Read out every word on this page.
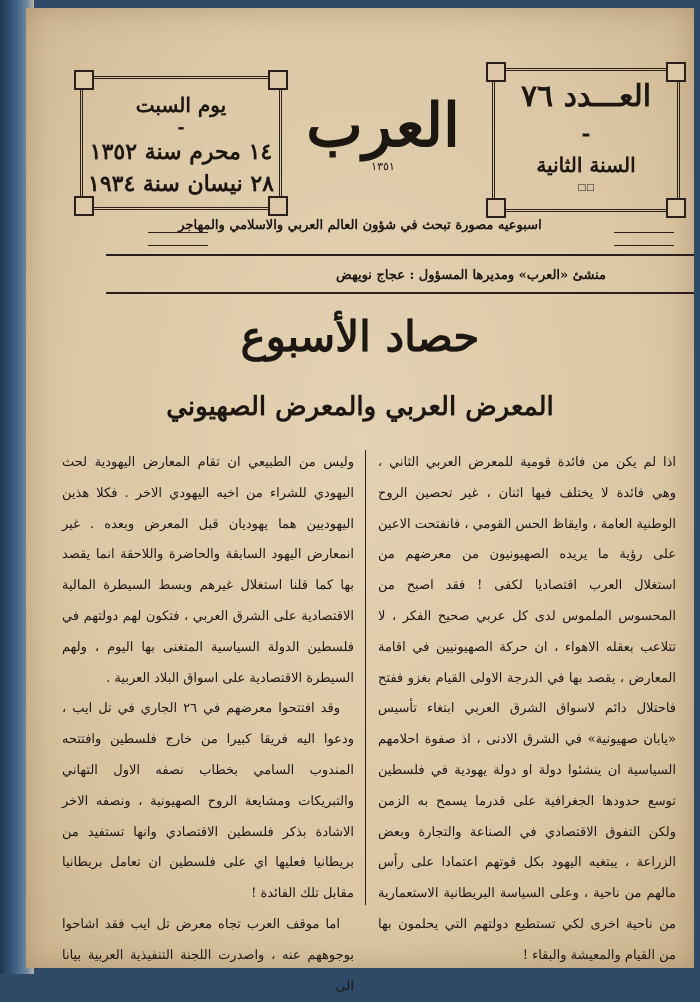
العـــدد ٧٦
-
السنة الثانية
□□
العرب
١٣٥١
يوم السبت
-
١٤ محرم سنة ١٣٥٢
٢٨ نيسان سنة ١٩٣٤
اسبوعيه مصورة تبحث في شؤون العالم العربي والاسلامي والمهاجر
منشئ «العرب» ومديرها المسؤول : عجاج نويهض
حصاد الأسبوع
المعرض العربي والمعرض الصهيوني

اذا لم يكن من فائدة قومية للمعرض العربي الثاني ، وهي فائدة لا يختلف فيها اثنان ، غير تحصين الروح الوطنية العامة ، وايقاظ الحس القومي ، فانفتحت الاعين على رؤية ما يريده الصهيونيون من معرضهم من استغلال العرب اقتصاديا لكفى ! فقد اصبح من المحسوس الملموس لدى كل عربي صحيح الفكر ، لا تتلاعب بعقله الاهواء ، ان حركة الصهيونيين في اقامة المعارض ، يقصد بها في الدرجة الاولى القيام بغزو ففتح فاحتلال دائم لاسواق الشرق العربي ابتغاء تأسيس «يابان صهيونية» في الشرق الادنى ، اذ صفوة احلامهم السياسية ان ينشئوا دولة او دولة يهودية في فلسطين توسع حدودها الجغرافية على قدرما يسمح به الزمن ولكن التفوق الاقتصادي في الصناعة والتجارة وبعض الزراعة ، يبتغيه اليهود بكل قوتهم اعتمادا على رأس مالهم من ناحية ، وعلى السياسة البريطانية الاستعمارية من ناحية اخرى لكي تستطيع دولتهم التي يحلمون بها من القيام والمعيشة والبقاء !

وليس من الطبيعي ان تقام المعارض اليهودية لحث اليهودي للشراء من اخيه اليهودي الاخر . فكلا هذين اليهوديين هما يهوديان قبل المعرض وبعده . غير انمعارض اليهود السابقة والحاضرة واللاحقة انما يقصد بها كما قلنا استغلال غيرهم وبسط السيطرة المالية الاقتصادية على الشرق العربي ، فتكون لهم دولتهم في فلسطين الدولة السياسية المتغنى بها اليوم ، ولهم السيطرة الاقتصادية على اسواق البلاد العربية .

وقد افتتحوا معرضهم في ٢٦ الجاري في تل ايب ، ودعوا اليه فريقا كبيرا من خارج فلسطين وافتتحه المندوب السامي بخطاب نصفه الاول التهاني والتبريكات ومشايعة الروح الصهيونية ، ونصفه الاخر الاشادة بذكر فلسطين الاقتصادي وانها تستفيد من بريطانيا فعليها اي على فلسطين ان تعامل بريطانيا مقابل تلك الفائدة !

اما موقف العرب تجاه معرض تل ايب فقد اشاحوا بوجوههم عنه ، واصدرت اللجنة التنفيذية العربية بيانا الى
